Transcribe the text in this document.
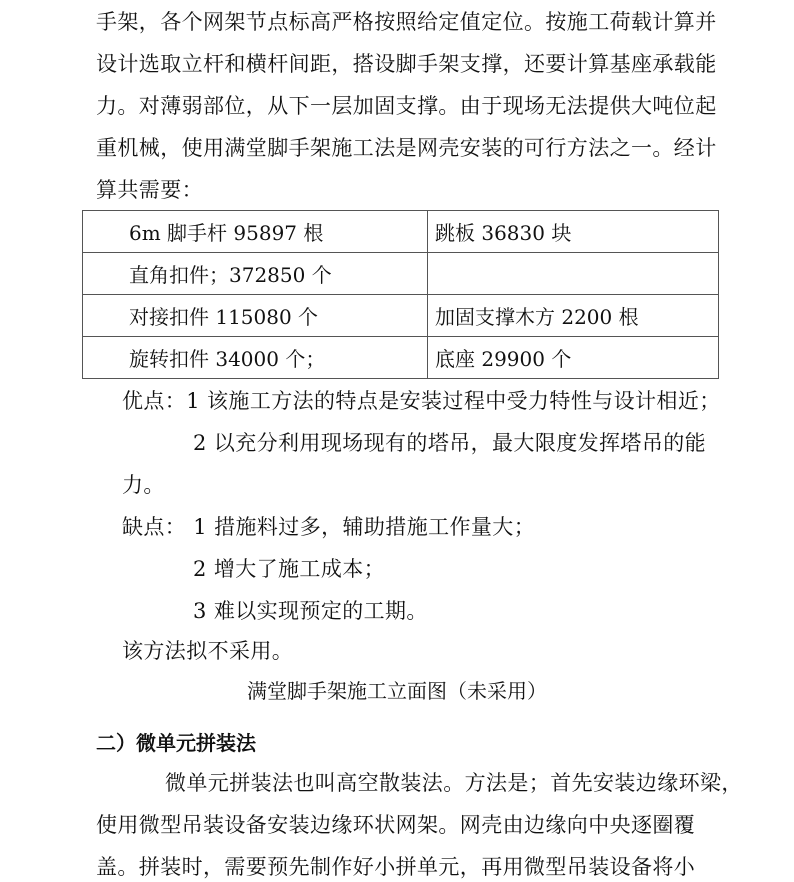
手架，各个网架节点标高严格按照给定值定位。按施工荷载计算并
设计选取立杆和横杆间距，搭设脚手架支撑，还要计算基座承载能
力。对薄弱部位，从下一层加固支撑。由于现场无法提供大吨位起
重机械，使用满堂脚手架施工法是网壳安装的可行方法之一。经计
算共需要：
6m 脚手杆 95897 根	跳板 36830 块
直角扣件；372850 个	
对接扣件 115080 个	加固支撑木方 2200 根
旋转扣件 34000 个；	底座 29900 个
优点：1 该施工方法的特点是安装过程中受力特性与设计相近；
2 以充分利用现场现有的塔吊，最大限度发挥塔吊的能
力。
缺点： 1 措施料过多，辅助措施工作量大；
2 增大了施工成本；
3 难以实现预定的工期。
该方法拟不采用。
满堂脚手架施工立面图（未采用）
二）微单元拼装法
微单元拼装法也叫高空散装法。方法是；首先安装边缘环梁，
使用微型吊装设备安装边缘环状网架。网壳由边缘向中央逐圈覆
盖。拼装时，需要预先制作好小拼单元，再用微型吊装设备将小
